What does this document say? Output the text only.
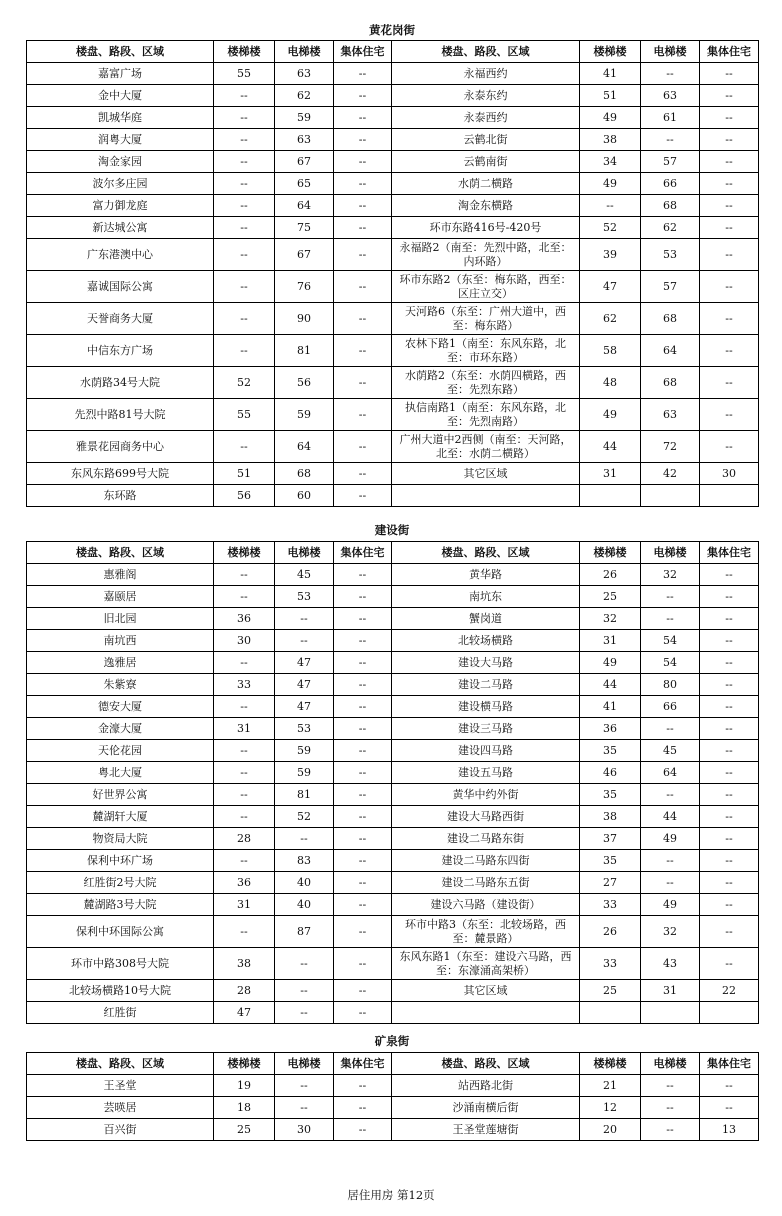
黄花岗街
楼盘、路段、区域	楼梯楼	电梯楼	集体住宅	楼盘、路段、区域	楼梯楼	电梯楼	集体住宅
嘉富广场	55	63	--	永福西约	41	--	--
金中大厦	--	62	--	永泰东约	51	63	--
凯城华庭	--	59	--	永泰西约	49	61	--
润粤大厦	--	63	--	云鹤北街	38	--	--
淘金家园	--	67	--	云鹤南街	34	57	--
波尔多庄园	--	65	--	水荫二横路	49	66	--
富力御龙庭	--	64	--	淘金东横路	--	68	--
新达城公寓	--	75	--	环市东路416号-420号	52	62	--
广东港澳中心	--	67	--	永福路2（南至：先烈中路，北至：内环路）	39	53	--
嘉诚国际公寓	--	76	--	环市东路2（东至：梅东路，西至：区庄立交）	47	57	--
天誉商务大厦	--	90	--	天河路6（东至：广州大道中，西至：梅东路）	62	68	--
中信东方广场	--	81	--	农林下路1（南至：东风东路，北至：市环东路）	58	64	--
水荫路34号大院	52	56	--	水荫路2（东至：水荫四横路，西至：先烈东路）	48	68	--
先烈中路81号大院	55	59	--	执信南路1（南至：东风东路，北至：先烈南路）	49	63	--
雅景花园商务中心	--	64	--	广州大道中2西侧（南至：天河路，北至：水荫二横路）	44	72	--
东风东路699号大院	51	68	--	其它区域	31	42	30
东环路	56	60	--				
建设街
楼盘、路段、区域	楼梯楼	电梯楼	集体住宅	楼盘、路段、区域	楼梯楼	电梯楼	集体住宅
惠雅阁	--	45	--	黄华路	26	32	--
嘉颐居	--	53	--	南坑东	25	--	--
旧北园	36	--	--	蟹岗道	32	--	--
南坑西	30	--	--	北较场横路	31	54	--
逸雅居	--	47	--	建设大马路	49	54	--
朱紫寮	33	47	--	建设二马路	44	80	--
德安大厦	--	47	--	建设横马路	41	66	--
金濠大厦	31	53	--	建设三马路	36	--	--
天伦花园	--	59	--	建设四马路	35	45	--
粤北大厦	--	59	--	建设五马路	46	64	--
好世界公寓	--	81	--	黄华中约外街	35	--	--
麓湖轩大厦	--	52	--	建设大马路西街	38	44	--
物资局大院	28	--	--	建设二马路东街	37	49	--
保利中环广场	--	83	--	建设二马路东四街	35	--	--
红胜街2号大院	36	40	--	建设二马路东五街	27	--	--
麓湖路3号大院	31	40	--	建设六马路（建设街）	33	49	--
保利中环国际公寓	--	87	--	环市中路3（东至：北较场路，西至：麓景路）	26	32	--
环市中路308号大院	38	--	--	东风东路1（东至：建设六马路，西至：东濠涌高架桥）	33	43	--
北较场横路10号大院	28	--	--	其它区域	25	31	22
红胜街	47	--	--				
矿泉街
楼盘、路段、区域	楼梯楼	电梯楼	集体住宅	楼盘、路段、区域	楼梯楼	电梯楼	集体住宅
王圣堂	19	--	--	站西路北街	21	--	--
芸暎居	18	--	--	沙涌南横后街	12	--	--
百兴街	25	30	--	王圣堂莲塘街	20	--	13
居住用房 第12页
